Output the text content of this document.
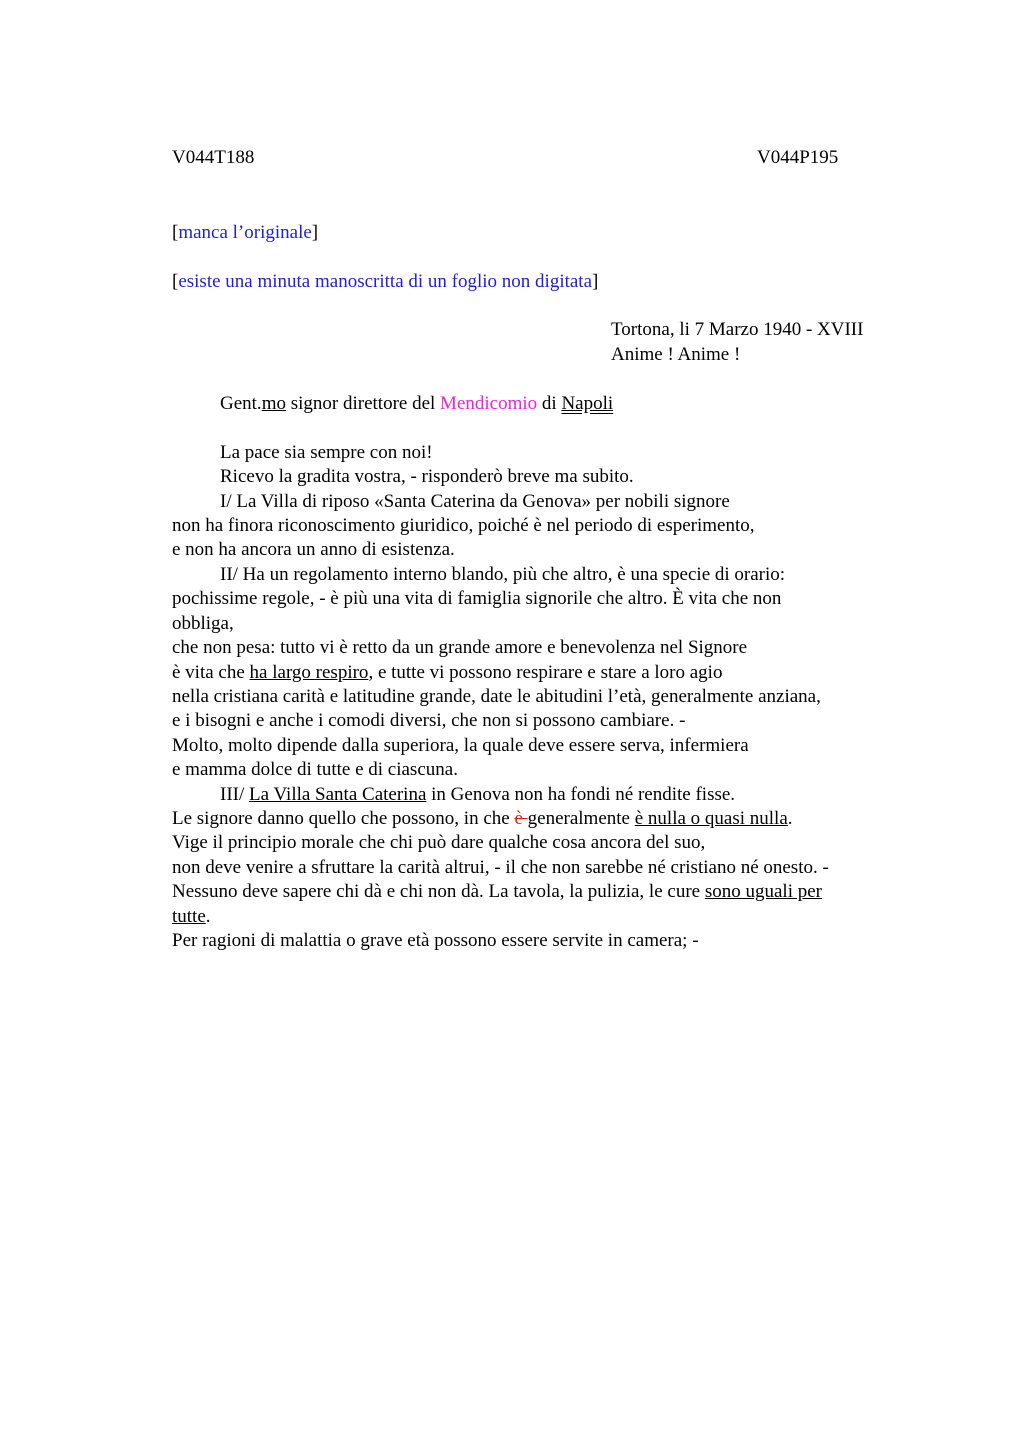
V044T188	V044P195
[manca l’originale]
[esiste una minuta manoscritta di un foglio non digitata]
Tortona, li 7 Marzo 1940 - XVIII
Anime ! Anime !
Gent.mo signor direttore del Mendicomio di Napoli
La pace sia sempre con noi!
Ricevo la gradita vostra, - risponderò breve ma subito.
I/ La Villa di riposo «Santa Caterina da Genova» per nobili signore
non ha finora riconoscimento giuridico, poiché è nel periodo di esperimento,
e non ha ancora un anno di esistenza.
II/ Ha un regolamento interno blando, più che altro, è una specie di orario:
pochissime regole, - è più una vita di famiglia signorile che altro. È vita che non
obbliga,
che non pesa: tutto vi è retto da un grande amore e benevolenza nel Signore
è vita che ha largo respiro, e tutte vi possono respirare e stare a loro agio
nella cristiana carità e latitudine grande, date le abitudini l’età, generalmente anziana,
e i bisogni e anche i comodi diversi, che non si possono cambiare. -
Molto, molto dipende dalla superiora, la quale deve essere serva, infermiera
e mamma dolce di tutte e di ciascuna.
III/ La Villa Santa Caterina in Genova non ha fondi né rendite fisse.
Le signore danno quello che possono, in che è generalmente è nulla o quasi nulla.
Vige il principio morale che chi può dare qualche cosa ancora del suo,
non deve venire a sfruttare la carità altrui, - il che non sarebbe né cristiano né onesto. -
Nessuno deve sapere chi dà e chi non dà. La tavola, la pulizia, le cure sono uguali per
tutte.
Per ragioni di malattia o grave età possono essere servite in camera; -
